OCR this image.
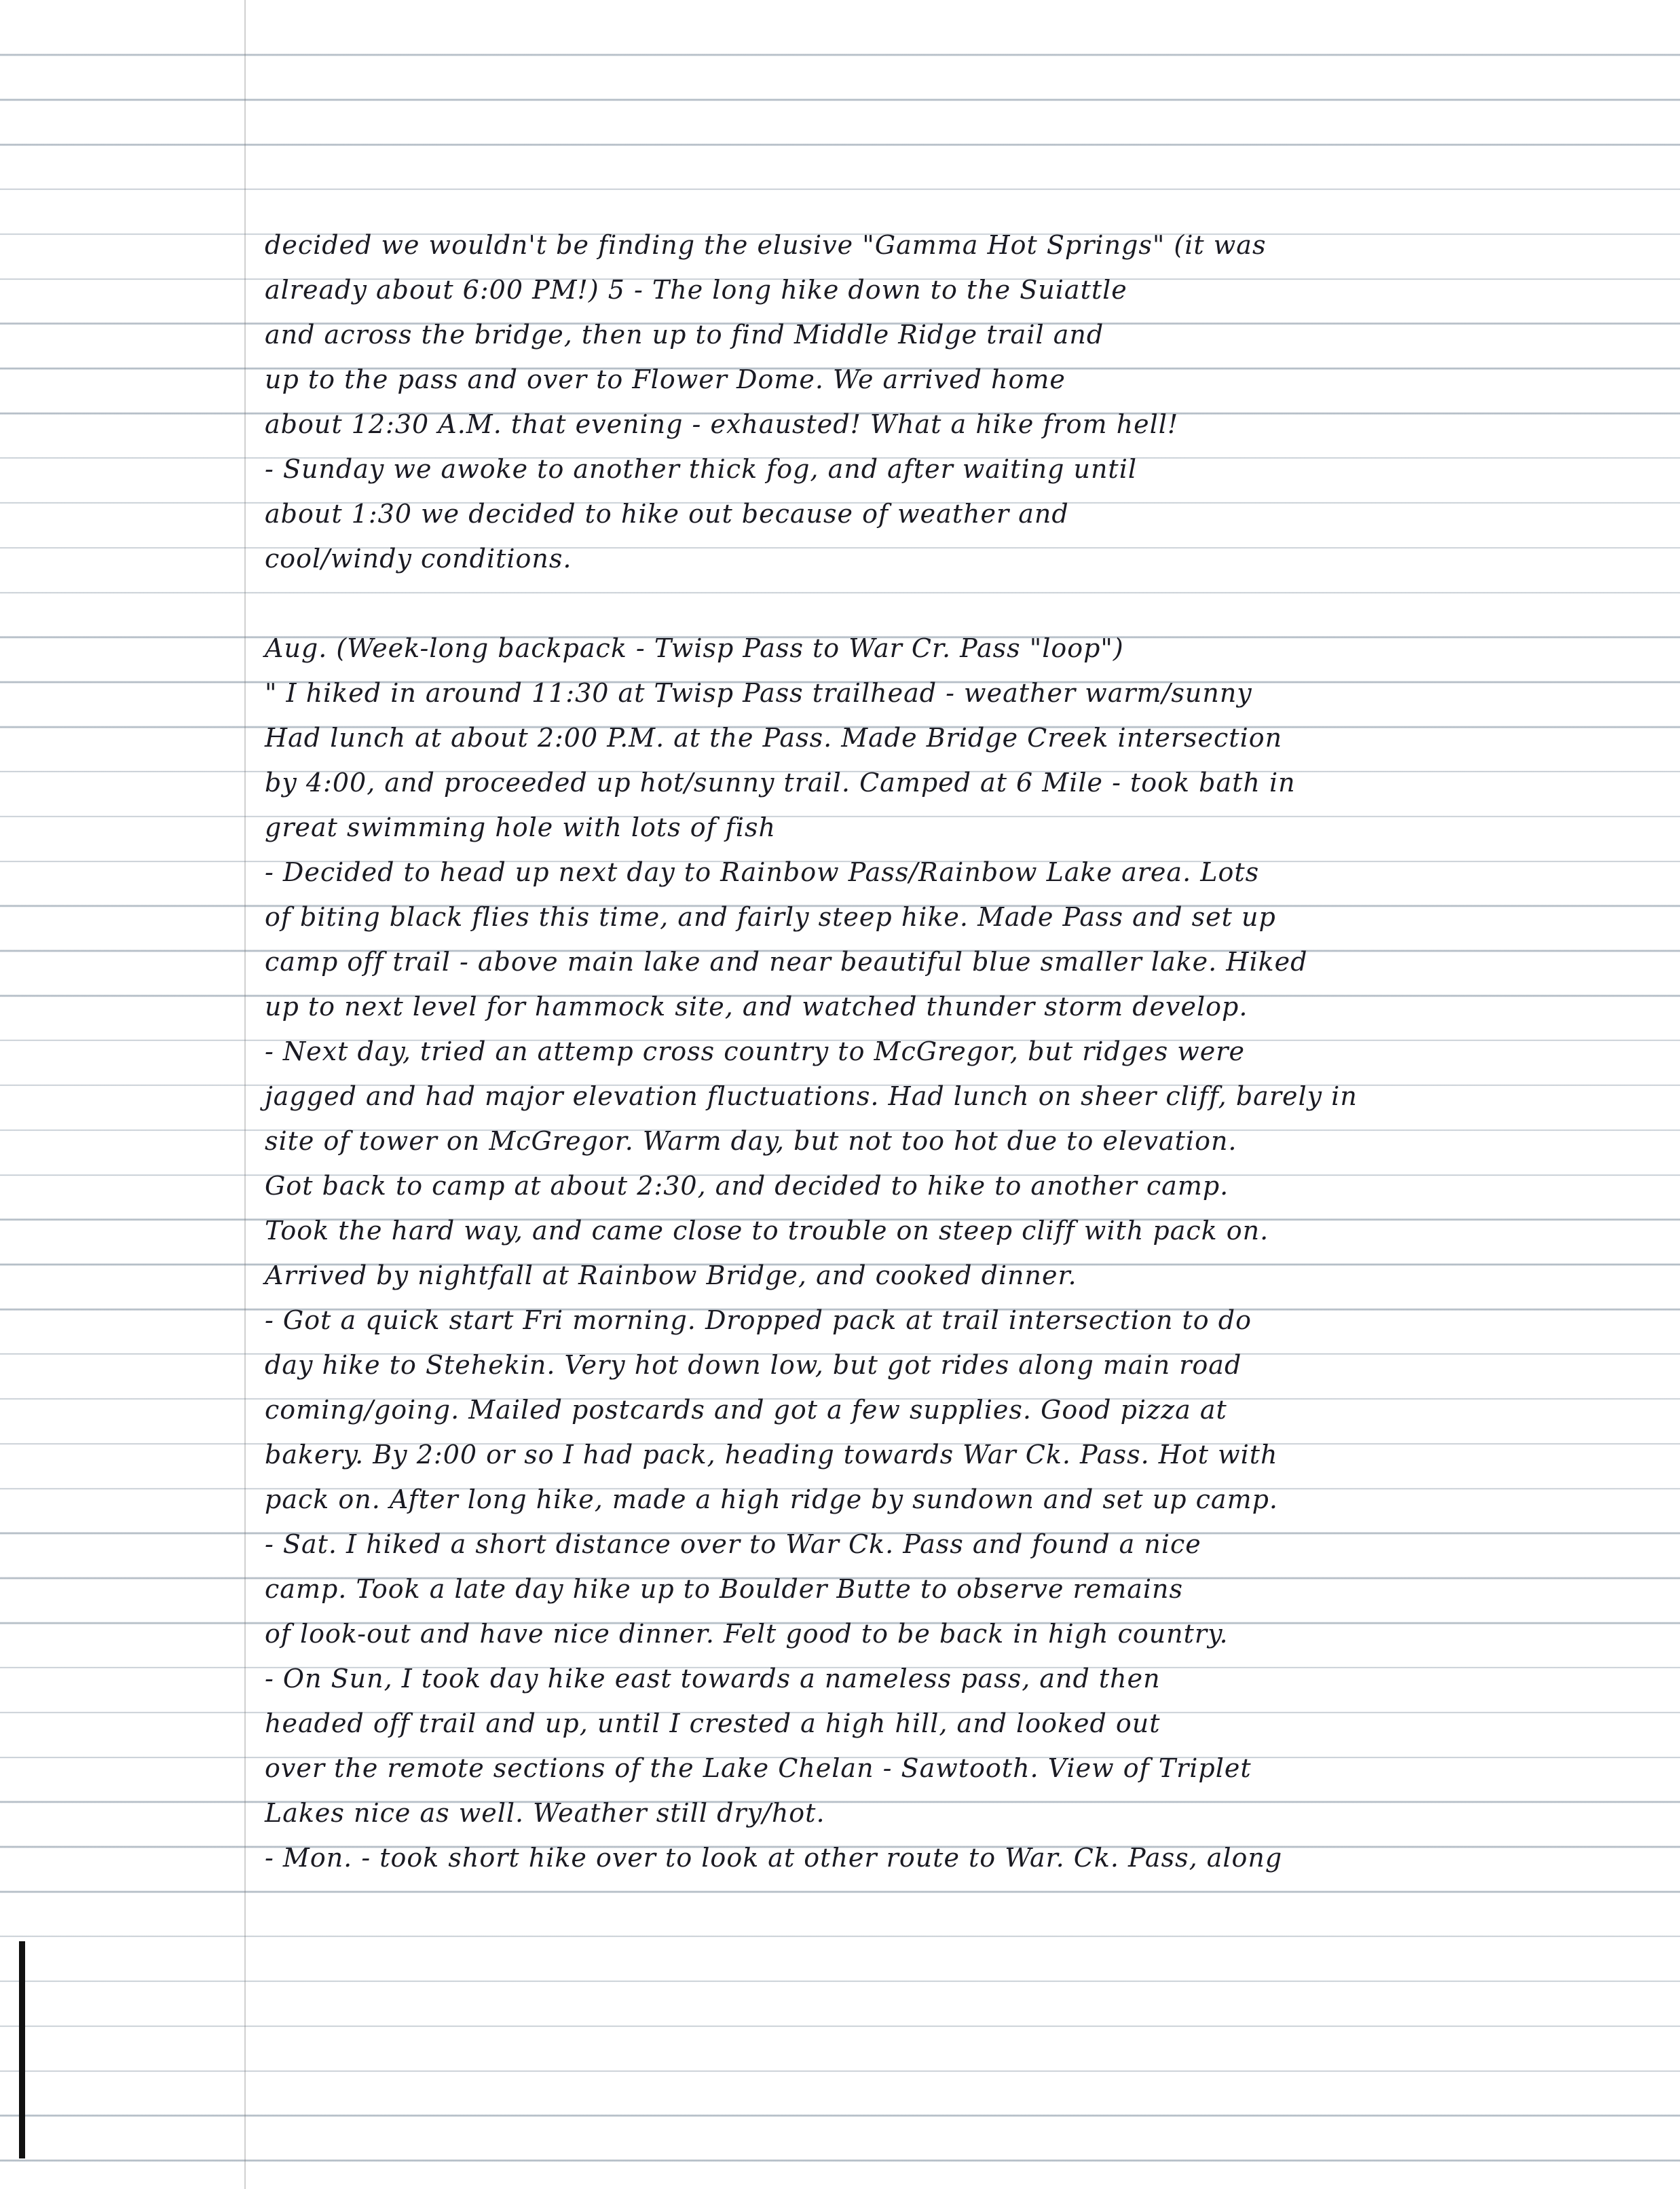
decided we wouldn't be finding the elusive "Gamma Hot Springs" (it was
already about 6:00 PM!) 5 - The long hike down to the Suiattle
and across the bridge, then up to find Middle Ridge trail and
up to the pass and over to Flower Dome. We arrived home
about 12:30 A.M. that evening - exhausted! What a hike from hell!
- Sunday we awoke to another thick fog, and after waiting until
about 1:30 we decided to hike out because of weather and
cool/windy conditions.
Aug. (Week-long backpack - Twisp Pass to War Cr. Pass "loop")
" I hiked in around 11:30 at Twisp Pass trailhead - weather warm/sunny
Had lunch at about 2:00 P.M. at the Pass. Made Bridge Creek intersection
by 4:00, and proceeded up hot/sunny trail. Camped at 6 Mile - took bath in
great swimming hole with lots of fish
- Decided to head up next day to Rainbow Pass/Rainbow Lake area. Lots
of biting black flies this time, and fairly steep hike. Made Pass and set up
camp off trail - above main lake and near beautiful blue smaller lake. Hiked
up to next level for hammock site, and watched thunder storm develop.
- Next day, tried an attemp cross country to McGregor, but ridges were
jagged and had major elevation fluctuations. Had lunch on sheer cliff, barely in
site of tower on McGregor. Warm day, but not too hot due to elevation.
Got back to camp at about 2:30, and decided to hike to another camp.
Took the hard way, and came close to trouble on steep cliff with pack on.
Arrived by nightfall at Rainbow Bridge, and cooked dinner.
- Got a quick start Fri morning. Dropped pack at trail intersection to do
day hike to Stehekin. Very hot down low, but got rides along main road
coming/going. Mailed postcards and got a few supplies. Good pizza at
bakery. By 2:00 or so I had pack, heading towards War Ck. Pass. Hot with
pack on. After long hike, made a high ridge by sundown and set up camp.
- Sat. I hiked a short distance over to War Ck. Pass and found a nice
camp. Took a late day hike up to Boulder Butte to observe remains
of look-out and have nice dinner. Felt good to be back in high country.
- On Sun, I took day hike east towards a nameless pass, and then
headed off trail and up, until I crested a high hill, and looked out
over the remote sections of the Lake Chelan - Sawtooth. View of Triplet
Lakes nice as well. Weather still dry/hot.
- Mon. - took short hike over to look at other route to War. Ck. Pass, along
